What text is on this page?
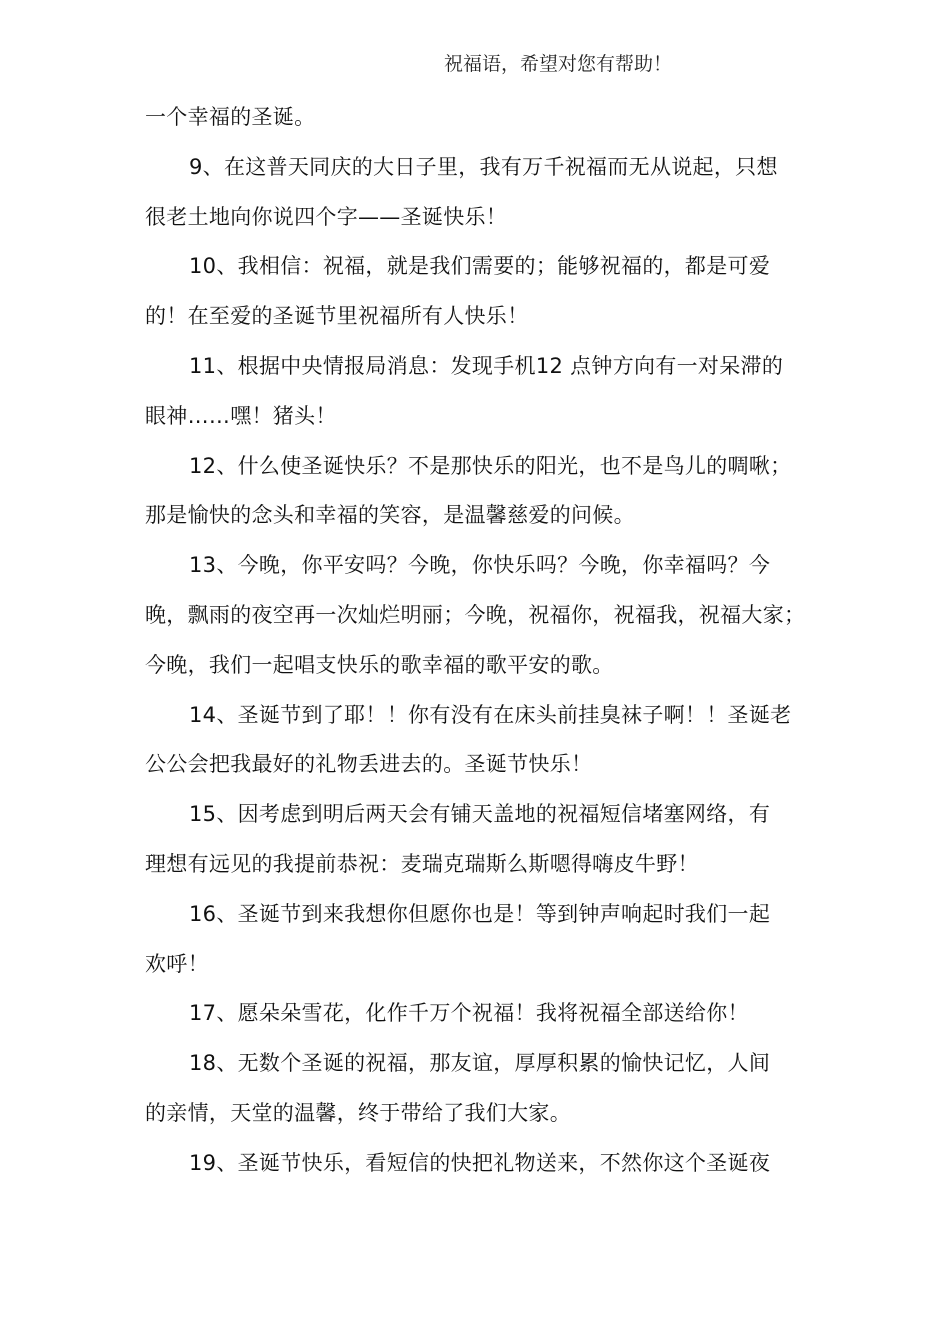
祝福语，希望对您有帮助！
一个幸福的圣诞。
9、在这普天同庆的大日子里，我有万千祝福而无从说起，只想
很老土地向你说四个字——圣诞快乐！
10、我相信：祝福，就是我们需要的；能够祝福的，都是可爱
的！在至爱的圣诞节里祝福所有人快乐！
11、根据中央情报局消息：发现手机12 点钟方向有一对呆滞的
眼神……嘿！猪头！
12、什么使圣诞快乐？不是那快乐的阳光，也不是鸟儿的啁啾；
那是愉快的念头和幸福的笑容，是温馨慈爱的问候。
13、今晚，你平安吗？今晚，你快乐吗？今晚，你幸福吗？今
晚，飘雨的夜空再一次灿烂明丽；今晚，祝福你，祝福我，祝福大家；
今晚，我们一起唱支快乐的歌幸福的歌平安的歌。
14、圣诞节到了耶！！你有没有在床头前挂臭袜子啊！！圣诞老
公公会把我最好的礼物丢进去的。圣诞节快乐！
15、因考虑到明后两天会有铺天盖地的祝福短信堵塞网络，有
理想有远见的我提前恭祝：麦瑞克瑞斯么斯嗯得嗨皮牛野！
16、圣诞节到来我想你但愿你也是！等到钟声响起时我们一起
欢呼！
17、愿朵朵雪花，化作千万个祝福！我将祝福全部送给你！
18、无数个圣诞的祝福，那友谊，厚厚积累的愉快记忆，人间
的亲情，天堂的温馨，终于带给了我们大家。
19、圣诞节快乐，看短信的快把礼物送来，不然你这个圣诞夜
